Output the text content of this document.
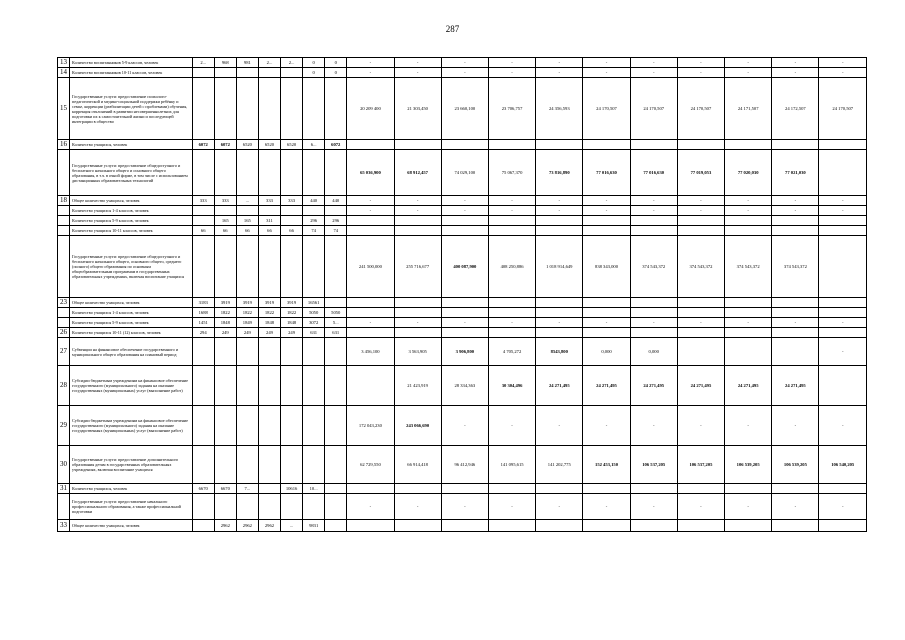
287
13	Количество воспитанников 5-9 классов, человек	2...	968	981	2...	2...	0	0	-	-	-	-	-	-	-	-	-	-	-
14	Количество воспитанников 10-11 классов, человек						0	0	-	-	-	-	-	-	-	-	-	-	-
15	Государственные услуги: предоставление психолого-педагогической и медико-социальной поддержки ребёнку и семье, коррекции (реабилитации детей с проблемами) обучения, коррекция отклонений в развитии несовершеннолетних для подготовки их к самостоятельной жизни и последующей интеграции в общество								20 209 400	21 303,450	23 660,100	23 706,757	24 356,593	24 170,507	24 170,507	24 170,507	24 171,507	24 172,507	24 170,507
16	Количество учащихся, человек	6072	6072	6520	6520	6520	6...	6072											
	Государственные услуги: предоставление общедоступного и бесплатного начального общего и основного общего образования, в т.ч. в очной форме, в том числе с использованием дистанционных образовательных технологий								65 036,900	68 912,457	74 029,100	75 067,370	73 816,890	77 016,630	77 016,630	77 019,053	77 020,030	77 021,030	
18	Общее количество учащихся, человек	333	333	...	333	333	440	440	-	-	-	-	-	-	-	-	-	-	-
	Количество учащихся 1-4 классов, человек								-	-	-	-	-	-	-	-	-	-	-
	Количество учащихся 5-9 классов, человек		165	165	311		296	296											
	Количество учащихся 10-11 классов, человек	66	66	66	66	66	74	74											
	Государственные услуги: предоставление общедоступного и бесплатного начального общего, основного общего, среднего (полного) общего образования по основным общеобразовательным программам в государственных образовательных учреждениях, включая воспитание учащихся								241 500,000	255 716,677	400 087,900	408 250,886	1 018 914,649	838 343,000	374 543,372	374 543,372	374 543,372	374 543,372	
23	Общее количество учащихся, человек	3183	3919	3919	3919	3919	16561												
	Количество учащихся 1-4 классов, человек	1688	1822	1822	1822	1822	5050	5050											
	Количество учащихся 5-9 классов, человек	1451	1848	1849	1848	1848	3072	5...	-	-	-	-	-	-	-	-	-	-	-
26	Количество учащихся 10-11 (12) классов, человек	294	249	249	249	249	631	631											
27	Субвенции на финансовое обеспечение государственного и муниципального общего образования на плановый период								3 456,100	3 563,905	3 906,800	4 705,272	8543,800	0,000	0,000				-
28	Субсидии бюджетным учреждениям на финансовое обеспечение государственного (муниципального) задания на оказание государственных (муниципальных) услуг (выполнение работ)									21 423,919	28 334,363	30 304,496	24 271,495	24 271,495	24 271,495	24 271,495	24 271,495	24 271,495	
29	Субсидии бюджетным учреждениям на финансовое обеспечение государственного (муниципального) задания на оказание государственных (муниципальных) услуг (выполнение работ)								172 043,230	243 066,690	-	-	-	-	-	-	-	-	-
30	Государственные услуги: предоставление дополнительного образования детям в государственных образовательных учреждениях, включая воспитание учащихся								62 729,550	66 914,418	96 412,946	141 095,615	141 202,775	152 453,150	106 537,205	106 537,205	106 539,205	106 539,205	106 540,205
31	Количество учащихся, человек	6670	6670	7...		10616	10...												
	Государственные услуги: предоставление начального профессионального образования, а также профессиональной подготовки								-	-	-	-	-	-	-	-	-	-	-
33	Общее количество учащихся, человек		2962	2962	2962	...	9831												
